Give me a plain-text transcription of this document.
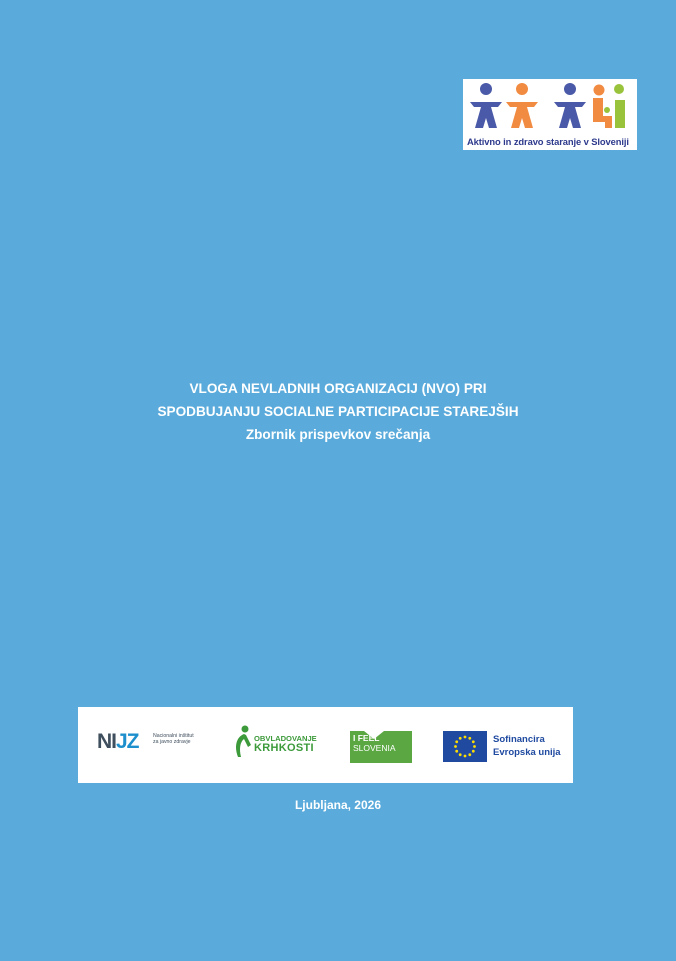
Aktivno in zdravo staranje v Sloveniji
VLOGA NEVLADNIH ORGANIZACIJ (NVO) PRI
SPODBUJANJU SOCIALNE PARTICIPACIJE STAREJŠIH
Zbornik prispevkov srečanja
NIJZ	Nacionalni inštitut
za javno zdravje	OBVLADOVANJE
KRHKOSTI
I FEEL
SLOVENIA
Sofinancira
Evropska unija
Ljubljana, 2026
